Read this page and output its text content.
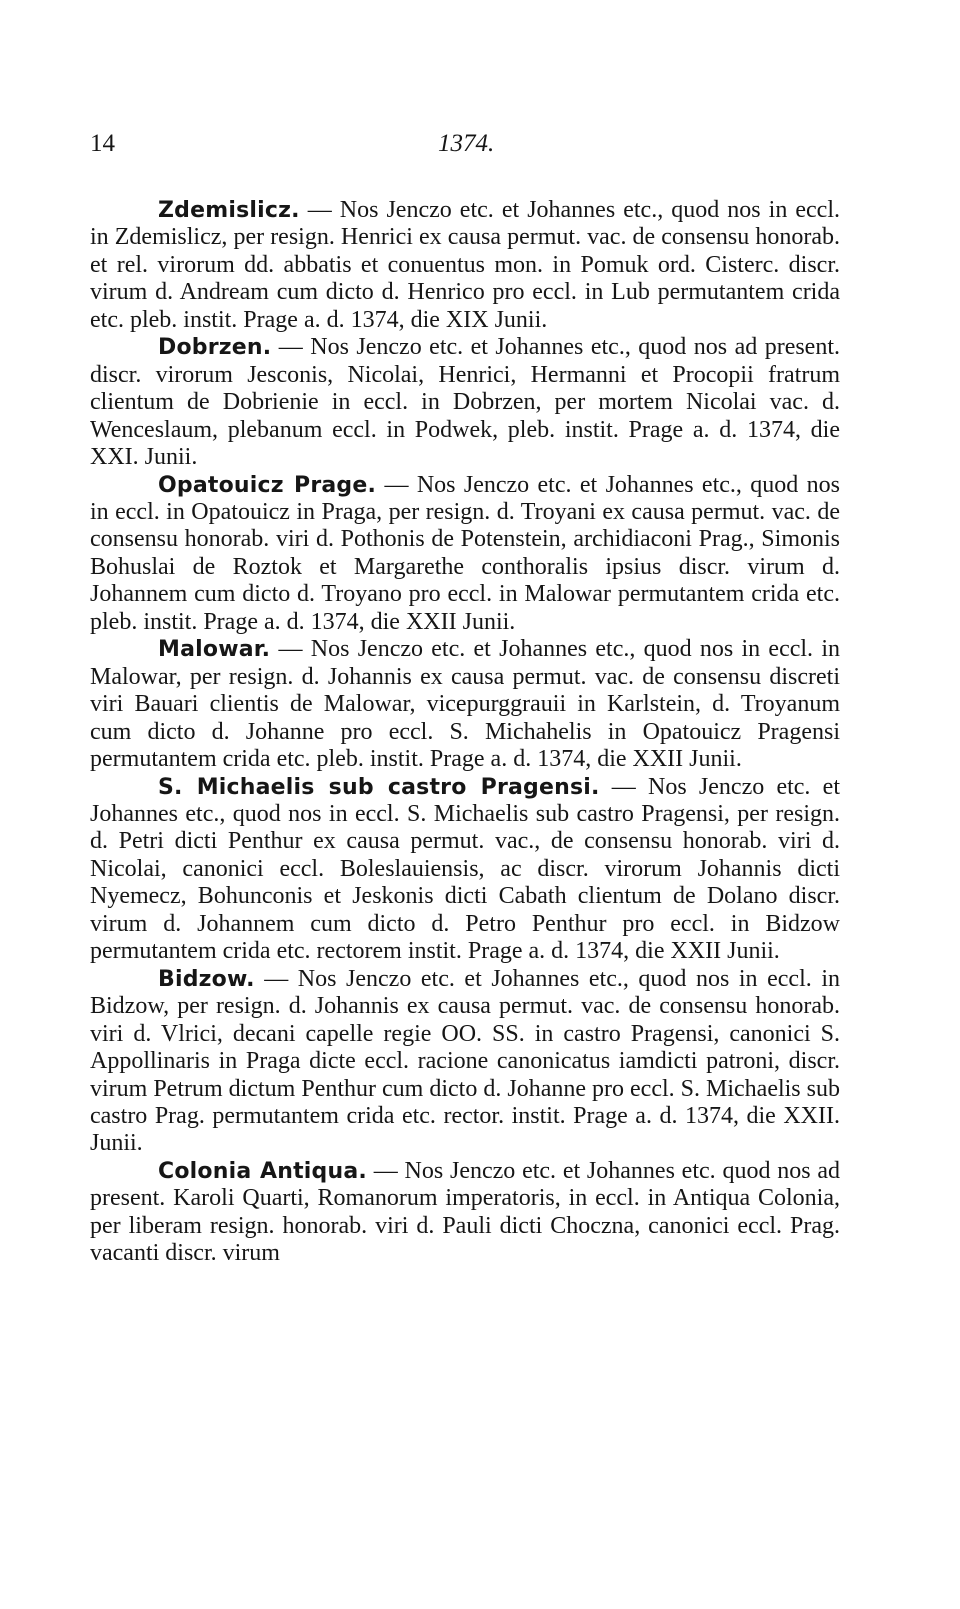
14	1374.

Zdemislicz. — Nos Jenczo etc. et Johannes etc., quod nos in eccl. in Zdemislicz, per resign. Henrici ex causa permut. vac. de consensu honorab. et rel. virorum dd. abbatis et conuentus mon. in Pomuk ord. Cisterc. discr. virum d. Andream cum dicto d. Henrico pro eccl. in Lub permutantem crida etc. pleb. instit. Prage a. d. 1374, die XIX Junii.

Dobrzen. — Nos Jenczo etc. et Johannes etc., quod nos ad present. discr. virorum Jesconis, Nicolai, Henrici, Hermanni et Procopii fratrum clientum de Dobrienie in eccl. in Dobrzen, per mortem Nicolai vac. d. Wenceslaum, plebanum eccl. in Podwek, pleb. instit. Prage a. d. 1374, die XXI. Junii.

Opatouicz Prage. — Nos Jenczo etc. et Johannes etc., quod nos in eccl. in Opatouicz in Praga, per resign. d. Troyani ex causa permut. vac. de consensu honorab. viri d. Pothonis de Potenstein, archidiaconi Prag., Simonis Bohuslai de Roztok et Margarethe conthoralis ipsius discr. virum d. Johannem cum dicto d. Troyano pro eccl. in Malowar permutantem crida etc. pleb. instit. Prage a. d. 1374, die XXII Junii.

Malowar. — Nos Jenczo etc. et Johannes etc., quod nos in eccl. in Malowar, per resign. d. Johannis ex causa permut. vac. de consensu discreti viri Bauari clientis de Malowar, vicepurggrauii in Karlstein, d. Troyanum cum dicto d. Johanne pro eccl. S. Michahelis in Opatouicz Pragensi permutantem crida etc. pleb. instit. Prage a. d. 1374, die XXII Junii.

S. Michaelis sub castro Pragensi. — Nos Jenczo etc. et Johannes etc., quod nos in eccl. S. Michaelis sub castro Pragensi, per resign. d. Petri dicti Penthur ex causa permut. vac., de consensu honorab. viri d. Nicolai, canonici eccl. Boleslauiensis, ac discr. virorum Johannis dicti Nyemecz, Bohunconis et Jeskonis dicti Cabath clientum de Dolano discr. virum d. Johannem cum dicto d. Petro Penthur pro eccl. in Bidzow permutantem crida etc. rectorem instit. Prage a. d. 1374, die XXII Junii.

Bidzow. — Nos Jenczo etc. et Johannes etc., quod nos in eccl. in Bidzow, per resign. d. Johannis ex causa permut. vac. de consensu honorab. viri d. Vlrici, decani capelle regie OO. SS. in castro Pragensi, canonici S. Appollinaris in Praga dicte eccl. racione canonicatus iamdicti patroni, discr. virum Petrum dictum Penthur cum dicto d. Johanne pro eccl. S. Michaelis sub castro Prag. permutantem crida etc. rector. instit. Prage a. d. 1374, die XXII. Junii.

Colonia Antiqua. — Nos Jenczo etc. et Johannes etc. quod nos ad present. Karoli Quarti, Romanorum imperatoris, in eccl. in Antiqua Colonia, per liberam resign. honorab. viri d. Pauli dicti Choczna, canonici eccl. Prag. vacanti discr. virum
